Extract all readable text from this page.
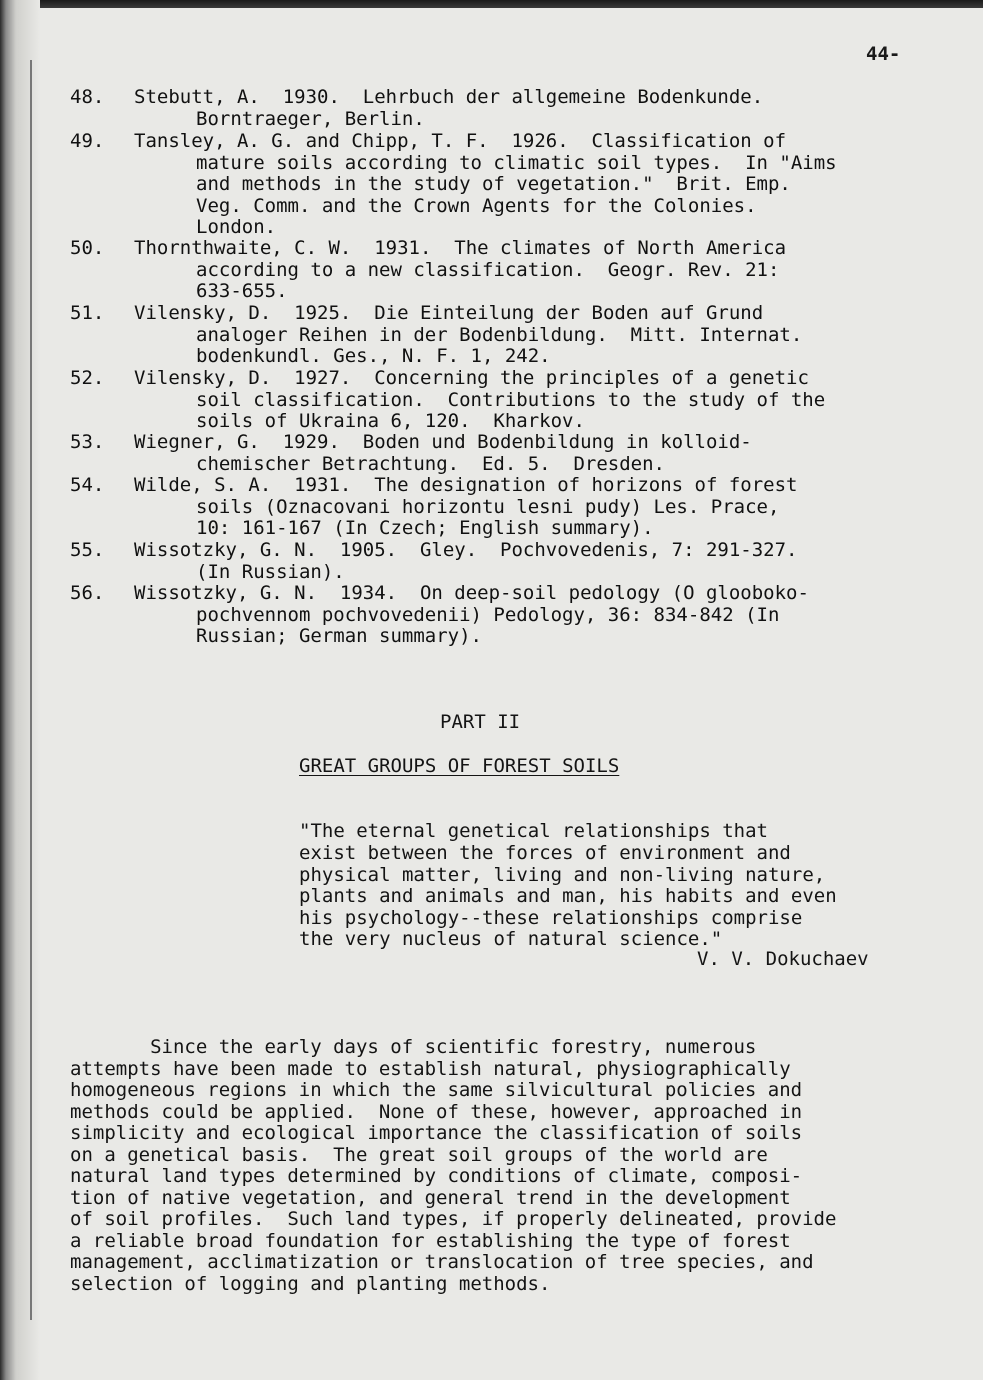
44-
48. Stebutt, A.  1930.  Lehrbuch der allgemeine Bodenkunde.
Borntraeger, Berlin.
49. Tansley, A. G. and Chipp, T. F.  1926.  Classification of
mature soils according to climatic soil types.  In "Aims
and methods in the study of vegetation."  Brit. Emp.
Veg. Comm. and the Crown Agents for the Colonies.
London.
50. Thornthwaite, C. W.  1931.  The climates of North America
according to a new classification.  Geogr. Rev. 21:
633-655.
51. Vilensky, D.  1925.  Die Einteilung der Boden auf Grund
analoger Reihen in der Bodenbildung.  Mitt. Internat.
bodenkundl. Ges., N. F. 1, 242.
52. Vilensky, D.  1927.  Concerning the principles of a genetic
soil classification.  Contributions to the study of the
soils of Ukraina 6, 120.  Kharkov.
53. Wiegner, G.  1929.  Boden und Bodenbildung in kolloid-
chemischer Betrachtung.  Ed. 5.  Dresden.
54. Wilde, S. A.  1931.  The designation of horizons of forest
soils (Oznacovani horizontu lesni pudy) Les. Prace,
10: 161-167 (In Czech; English summary).
55. Wissotzky, G. N.  1905.  Gley.  Pochvovedenis, 7: 291-327.
(In Russian).
56. Wissotzky, G. N.  1934.  On deep-soil pedology (O glooboko-
pochvennom pochvovedenii) Pedology, 36: 834-842 (In
Russian; German summary).
PART II
GREAT GROUPS OF FOREST SOILS
"The eternal genetical relationships that
exist between the forces of environment and
physical matter, living and non-living nature,
plants and animals and man, his habits and even
his psychology--these relationships comprise
the very nucleus of natural science."
V. V. Dokuchaev
Since the early days of scientific forestry, numerous
attempts have been made to establish natural, physiographically
homogeneous regions in which the same silvicultural policies and
methods could be applied.  None of these, however, approached in
simplicity and ecological importance the classification of soils
on a genetical basis.  The great soil groups of the world are
natural land types determined by conditions of climate, composi-
tion of native vegetation, and general trend in the development
of soil profiles.  Such land types, if properly delineated, provide
a reliable broad foundation for establishing the type of forest
management, acclimatization or translocation of tree species, and
selection of logging and planting methods.
